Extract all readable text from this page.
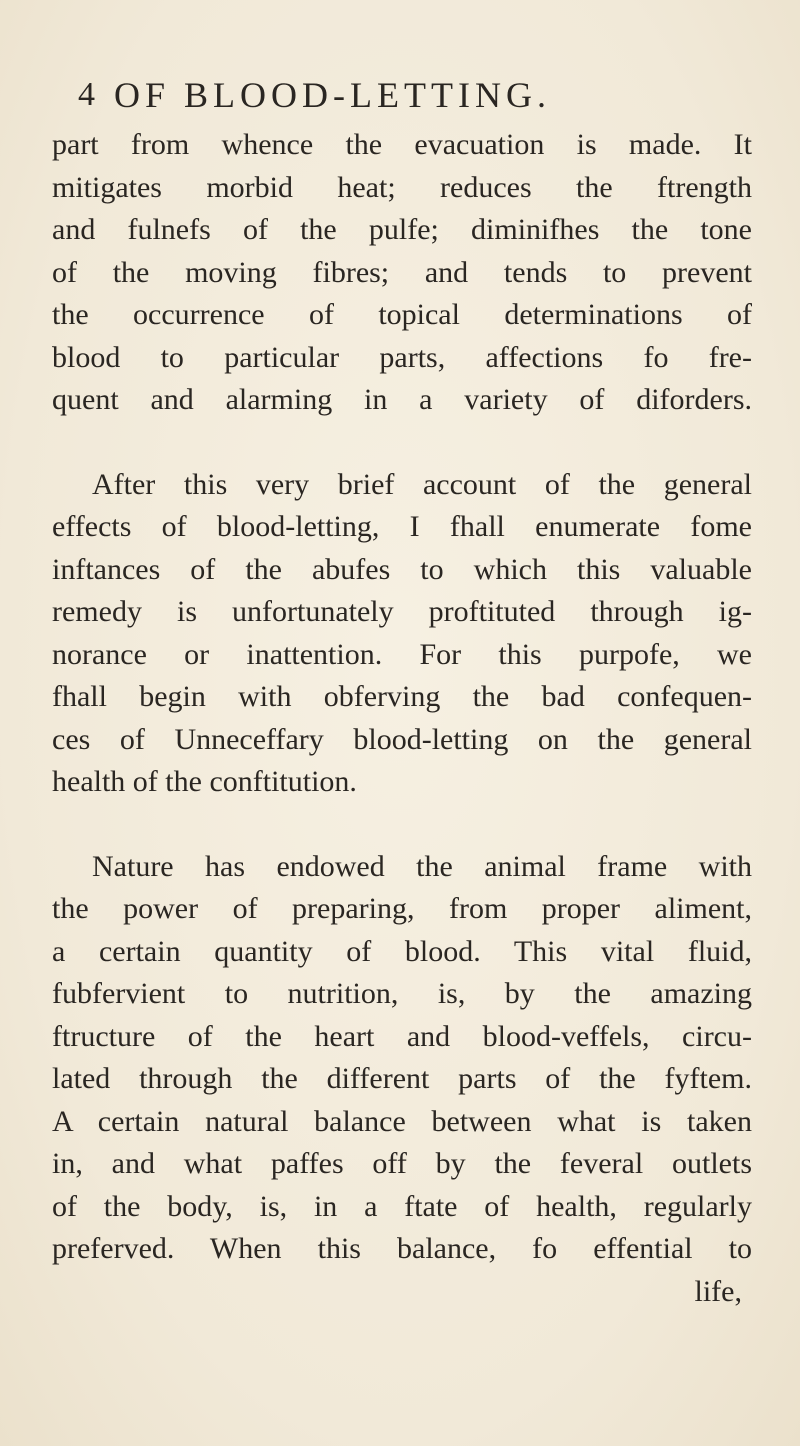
4 OF BLOOD-LETTING.
part from whence the evacuation is made. It
mitigates morbid heat; reduces the ftrength
and fulnefs of the pulfe; diminifhes the tone
of the moving fibres; and tends to prevent
the occurrence of topical determinations of
blood to particular parts, affections fo fre-
quent and alarming in a variety of diforders.
After this very brief account of the general
effects of blood-letting, I fhall enumerate fome
inftances of the abufes to which this valuable
remedy is unfortunately proftituted through ig-
norance or inattention. For this purpofe, we
fhall begin with obferving the bad confequen-
ces of Unneceffary blood-letting on the general
health of the conftitution.
Nature has endowed the animal frame with
the power of preparing, from proper aliment,
a certain quantity of blood. This vital fluid,
fubfervient to nutrition, is, by the amazing
ftructure of the heart and blood-veffels, circu-
lated through the different parts of the fyftem.
A certain natural balance between what is taken
in, and what paffes off by the feveral outlets
of the body, is, in a ftate of health, regularly
preferved. When this balance, fo effential to
life,
